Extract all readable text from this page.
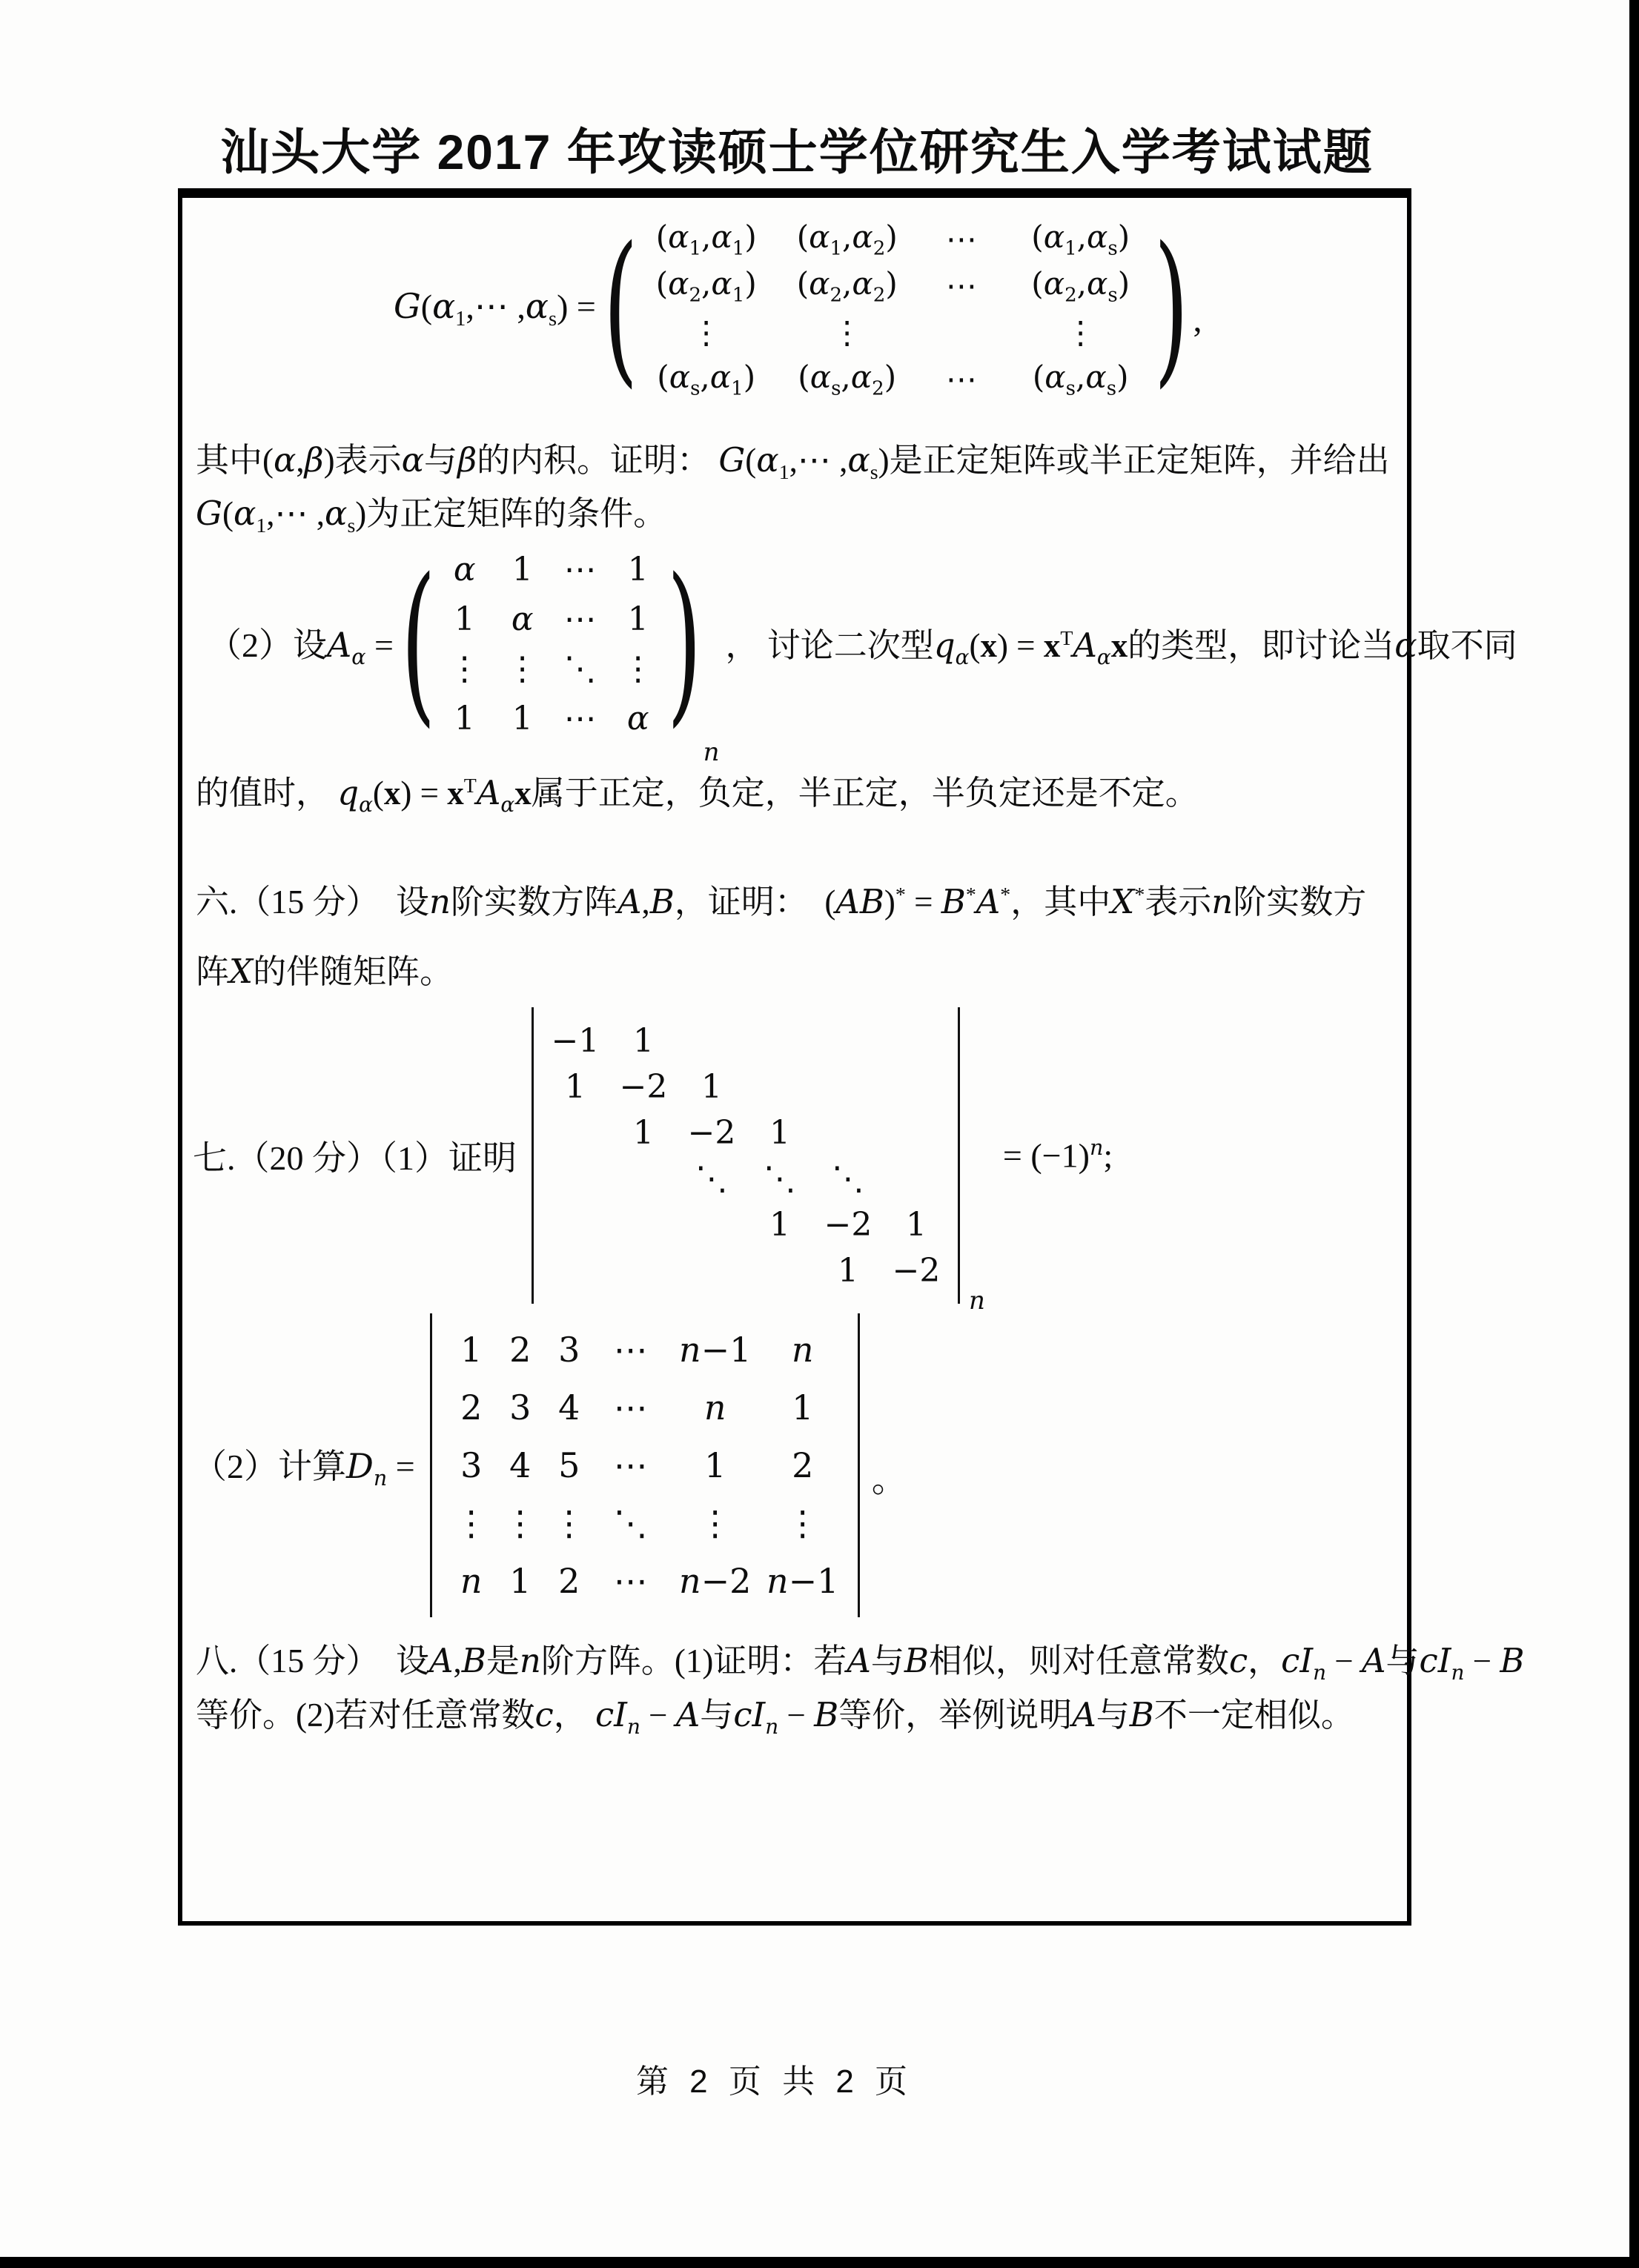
汕头大学 2017 年攻读硕士学位研究生入学考试试题
$G(\alpha_1,\cdots$ $,\alpha_s$) = ( $(\alpha_1,\alpha_1)$ $(\alpha_1,\alpha_2)$ ⋯ $(\alpha_1,\alpha_s)$
$(\alpha_2,\alpha_1)$ $(\alpha_2,\alpha_2)$ ⋯ $(\alpha_2,\alpha_s)$
⋮	⋮	⋮
$(\alpha_s,\alpha_1)$ $(\alpha_s,\alpha_2)$ ⋯ $(\alpha_s,\alpha_s)$ ) ,
其中(α,β)表示α与β的内积。证明： $G(\alpha_1,\cdots$ $,\alpha_s$)是正定矩阵或半正定矩阵，并给出
$G(\alpha_1,\cdots$ $,\alpha_s$)为正定矩阵的条件。
（2）设$A_\alpha$ = ( α 1 ⋯ 1
1 α ⋯ 1
⋮ ⋮ ⋱ ⋮
1 1 ⋯ α )
n
， 讨论二次型$q_\alpha(x) = x^TA_\alpha x$的类型，即讨论当α取不同
的值时， $q_\alpha(x) = x^TA_\alpha x$属于正定，负定，半正定，半负定还是不定。
六.（15 分）　设n阶实数方阵A,B，证明：　(AB)* = B*A*，其中X*表示n阶实数方
阵X的伴随矩阵。
七.（20 分）（1）证明
−1 1
1 −2 1
1 −2 1
⋱ ⋱ ⋱
1 −2 1
1 −2
n
= $(-1)^n$;
（2）计算$D_n$ =
1 2 3 ⋯ n−1 n
2 3 4 ⋯ n 1
3 4 5 ⋯ 1 2
⋮ ⋮ ⋮ ⋱ ⋮ ⋮
n 1 2 ⋯ n−2 n−1
。
八.（15 分）　设A,B是n阶方阵。(1)证明：若A与B相似，则对任意常数c，$cI_n - A$与$cI_n - B$
等价。(2)若对任意常数c， $cI_n - A$与$cI_n - B$等价，举例说明A与B不一定相似。
第 2 页 共 2 页
